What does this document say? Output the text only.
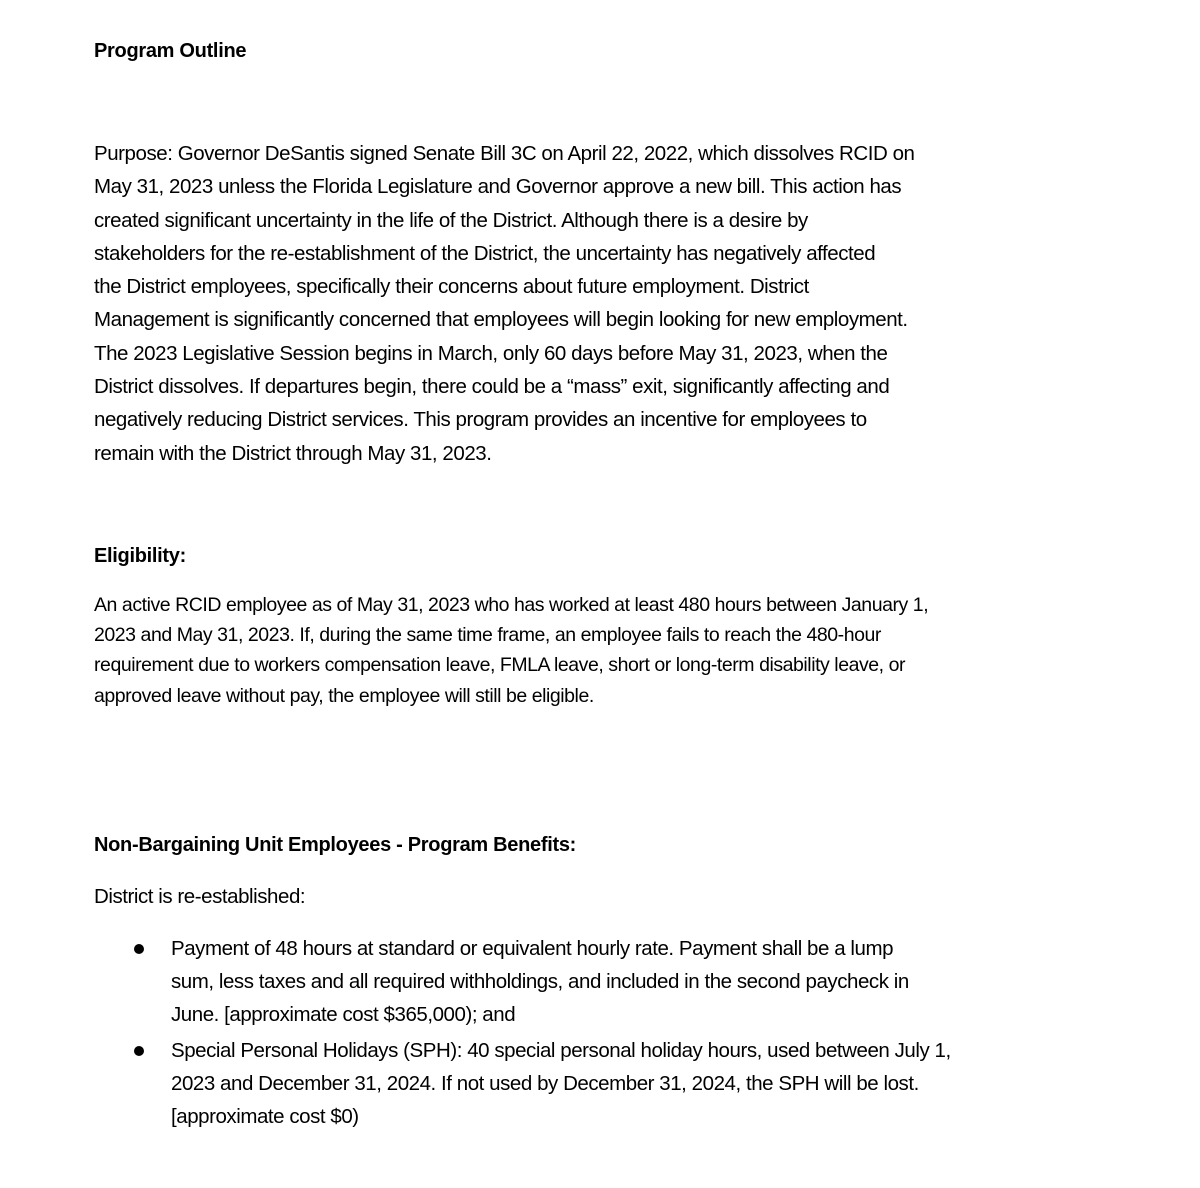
Program Outline
Purpose: Governor DeSantis signed Senate Bill 3C on April 22, 2022, which dissolves RCID on
May 31, 2023 unless the Florida Legislature and Governor approve a new bill. This action has
created significant uncertainty in the life of the District. Although there is a desire by
stakeholders for the re-establishment of the District, the uncertainty has negatively affected
the District employees, specifically their concerns about future employment. District
Management is significantly concerned that employees will begin looking for new employment.
The 2023 Legislative Session begins in March, only 60 days before May 31, 2023, when the
District dissolves. If departures begin, there could be a “mass” exit, significantly affecting and
negatively reducing District services. This program provides an incentive for employees to
remain with the District through May 31, 2023.
Eligibility:
An active RCID employee as of May 31, 2023 who has worked at least 480 hours between January 1,
2023 and May 31, 2023. If, during the same time frame, an employee fails to reach the 480-hour
requirement due to workers compensation leave, FMLA leave, short or long-term disability leave, or
approved leave without pay, the employee will still be eligible.
Non-Bargaining Unit Employees - Program Benefits:
District is re-established:
Payment of 48 hours at standard or equivalent hourly rate. Payment shall be a lump
sum, less taxes and all required withholdings, and included in the second paycheck in
June. [approximate cost $365,000); and
Special Personal Holidays (SPH): 40 special personal holiday hours, used between July 1,
2023 and December 31, 2024. If not used by December 31, 2024, the SPH will be lost.
[approximate cost $0)
